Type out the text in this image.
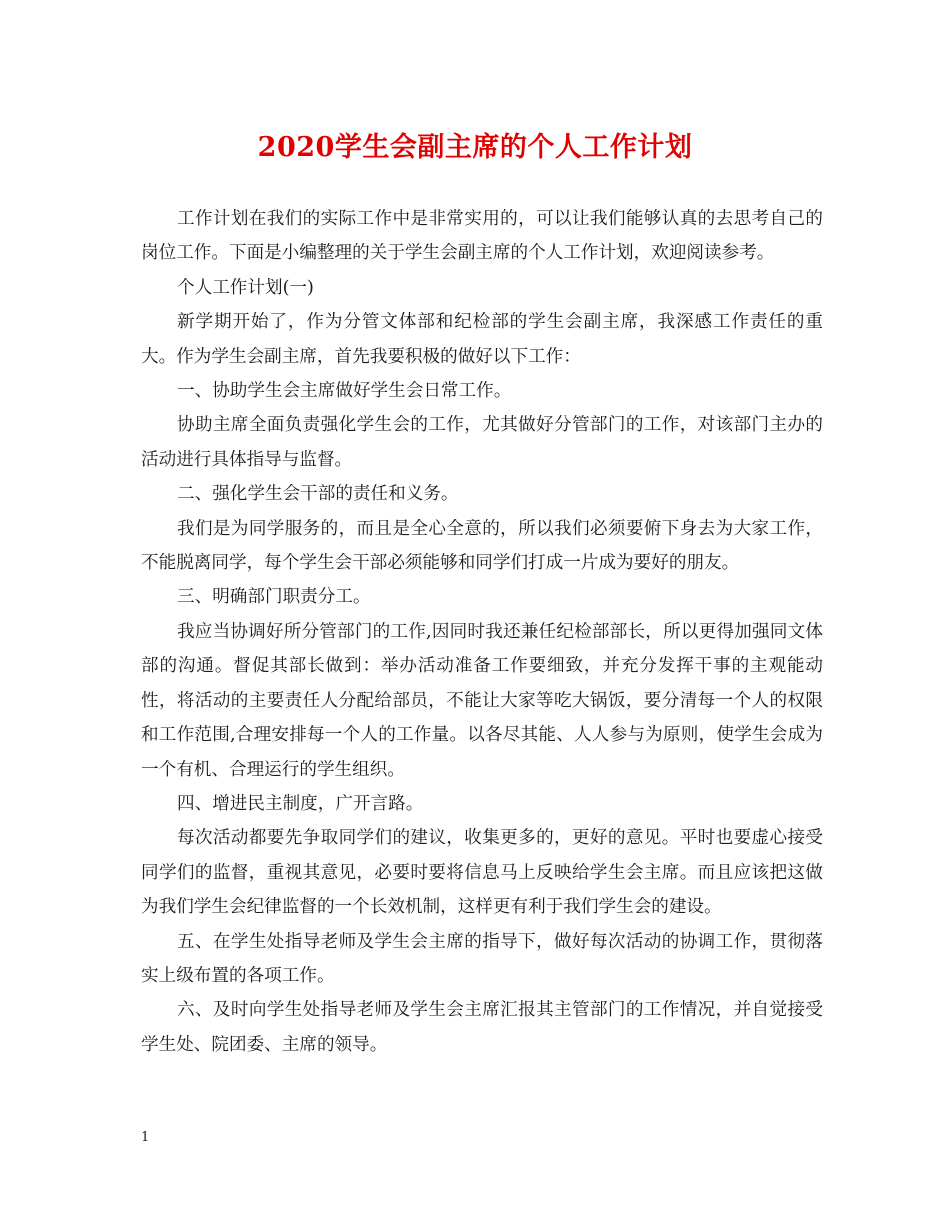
2020学生会副主席的个人工作计划

工作计划在我们的实际工作中是非常实用的，可以让我们能够认真的去思考自己的岗位工作。下面是小编整理的关于学生会副主席的个人工作计划，欢迎阅读参考。

个人工作计划(一)

新学期开始了，作为分管文体部和纪检部的学生会副主席，我深感工作责任的重大。作为学生会副主席，首先我要积极的做好以下工作：

一、协助学生会主席做好学生会日常工作。

协助主席全面负责强化学生会的工作，尤其做好分管部门的工作，对该部门主办的活动进行具体指导与监督。

二、强化学生会干部的责任和义务。

我们是为同学服务的，而且是全心全意的，所以我们必须要俯下身去为大家工作，不能脱离同学，每个学生会干部必须能够和同学们打成一片成为要好的朋友。

三、明确部门职责分工。

我应当协调好所分管部门的工作,因同时我还兼任纪检部部长，所以更得加强同文体部的沟通。督促其部长做到：举办活动准备工作要细致，并充分发挥干事的主观能动性，将活动的主要责任人分配给部员，不能让大家等吃大锅饭，要分清每一个人的权限和工作范围,合理安排每一个人的工作量。以各尽其能、人人参与为原则，使学生会成为一个有机、合理运行的学生组织。

四、增进民主制度，广开言路。

每次活动都要先争取同学们的建议，收集更多的，更好的意见。平时也要虚心接受同学们的监督，重视其意见，必要时要将信息马上反映给学生会主席。而且应该把这做为我们学生会纪律监督的一个长效机制，这样更有利于我们学生会的建设。

五、在学生处指导老师及学生会主席的指导下，做好每次活动的协调工作，贯彻落实上级布置的各项工作。

六、及时向学生处指导老师及学生会主席汇报其主管部门的工作情况，并自觉接受学生处、院团委、主席的领导。

1
